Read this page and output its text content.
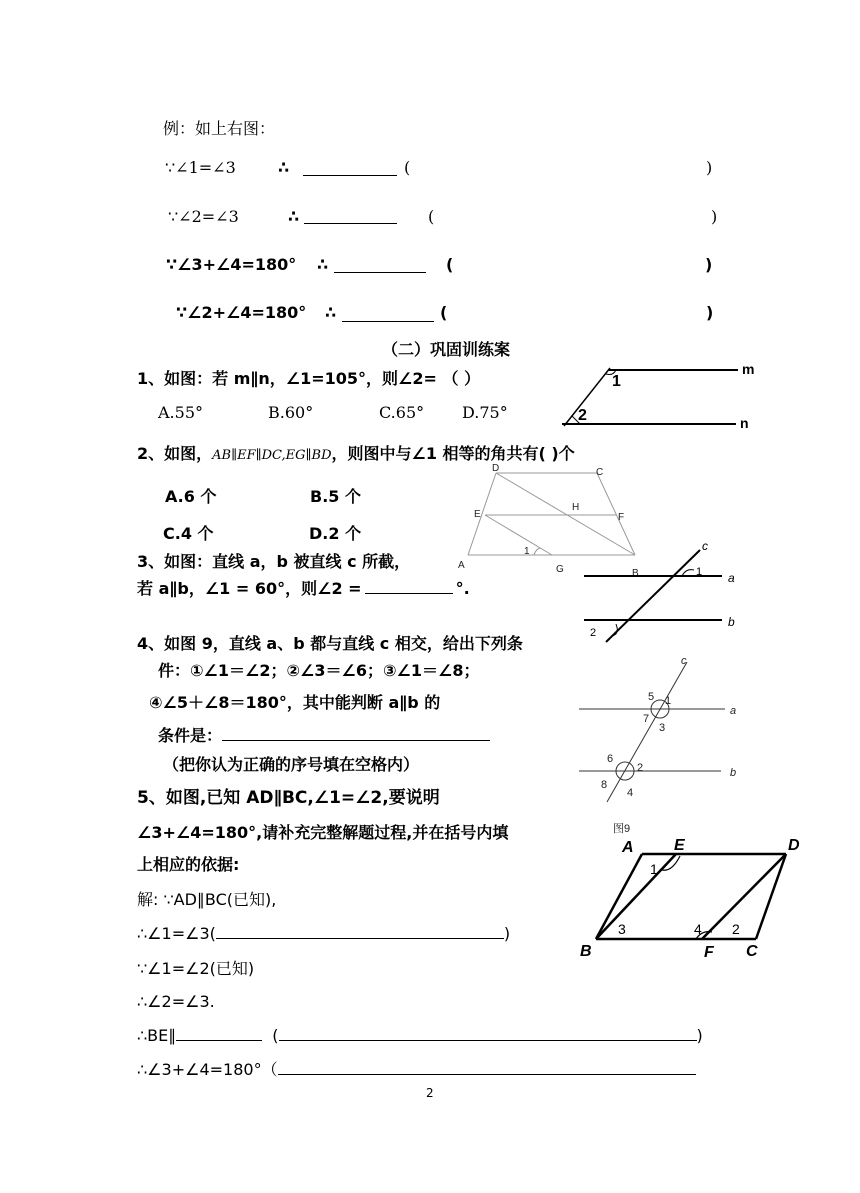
例：如上右图：
∵∠1=∠3	∴	(	)
∵∠2=∠3	∴	(	)
∵∠3+∠4=180° ∴	(	)
∵∠2+∠4=180° ∴	(	)
（二）巩固训练案
1、如图：若 m∥n，∠1=105°，则∠2= （ ）
A.55°	B.60°	C.65° D.75°
1
2
m
n
2、如图，AB∥EF∥DC,EG∥BD，则图中与∠1 相等的角共有( )个
A.6 个	B.5 个
C.4 个	D.2 个
D	C
E
H
F
A	G	B
1
3、如图：直线 a，b 被直线 c 所截，
若 a∥b，∠1 = 60°，则∠2 =	°.
c
a
b
1
2
4、如图 9，直线 a、b 都与直线 c 相交，给出下列条
件：①∠1＝∠2；②∠3＝∠6；③∠1＝∠8；
④∠5＋∠8＝180°，其中能判断 a∥b 的
条件是：
（把你认为正确的序号填在空格内）
c
a
b
5 1
7
3
6
2
8
4
图9
5、如图,已知 AD∥BC,∠1=∠2,要说明
∠3+∠4=180°,请补充完整解题过程,并在括号内填
上相应的依据:
解: ∵AD∥BC(已知),
∴∠1=∠3(	)
∵∠1=∠2(已知)
∴∠2=∠3.
∴BE∥	(	)
∴∠3+∠4=180°（
A	E	D
B	F C
1
3	4 2
2
